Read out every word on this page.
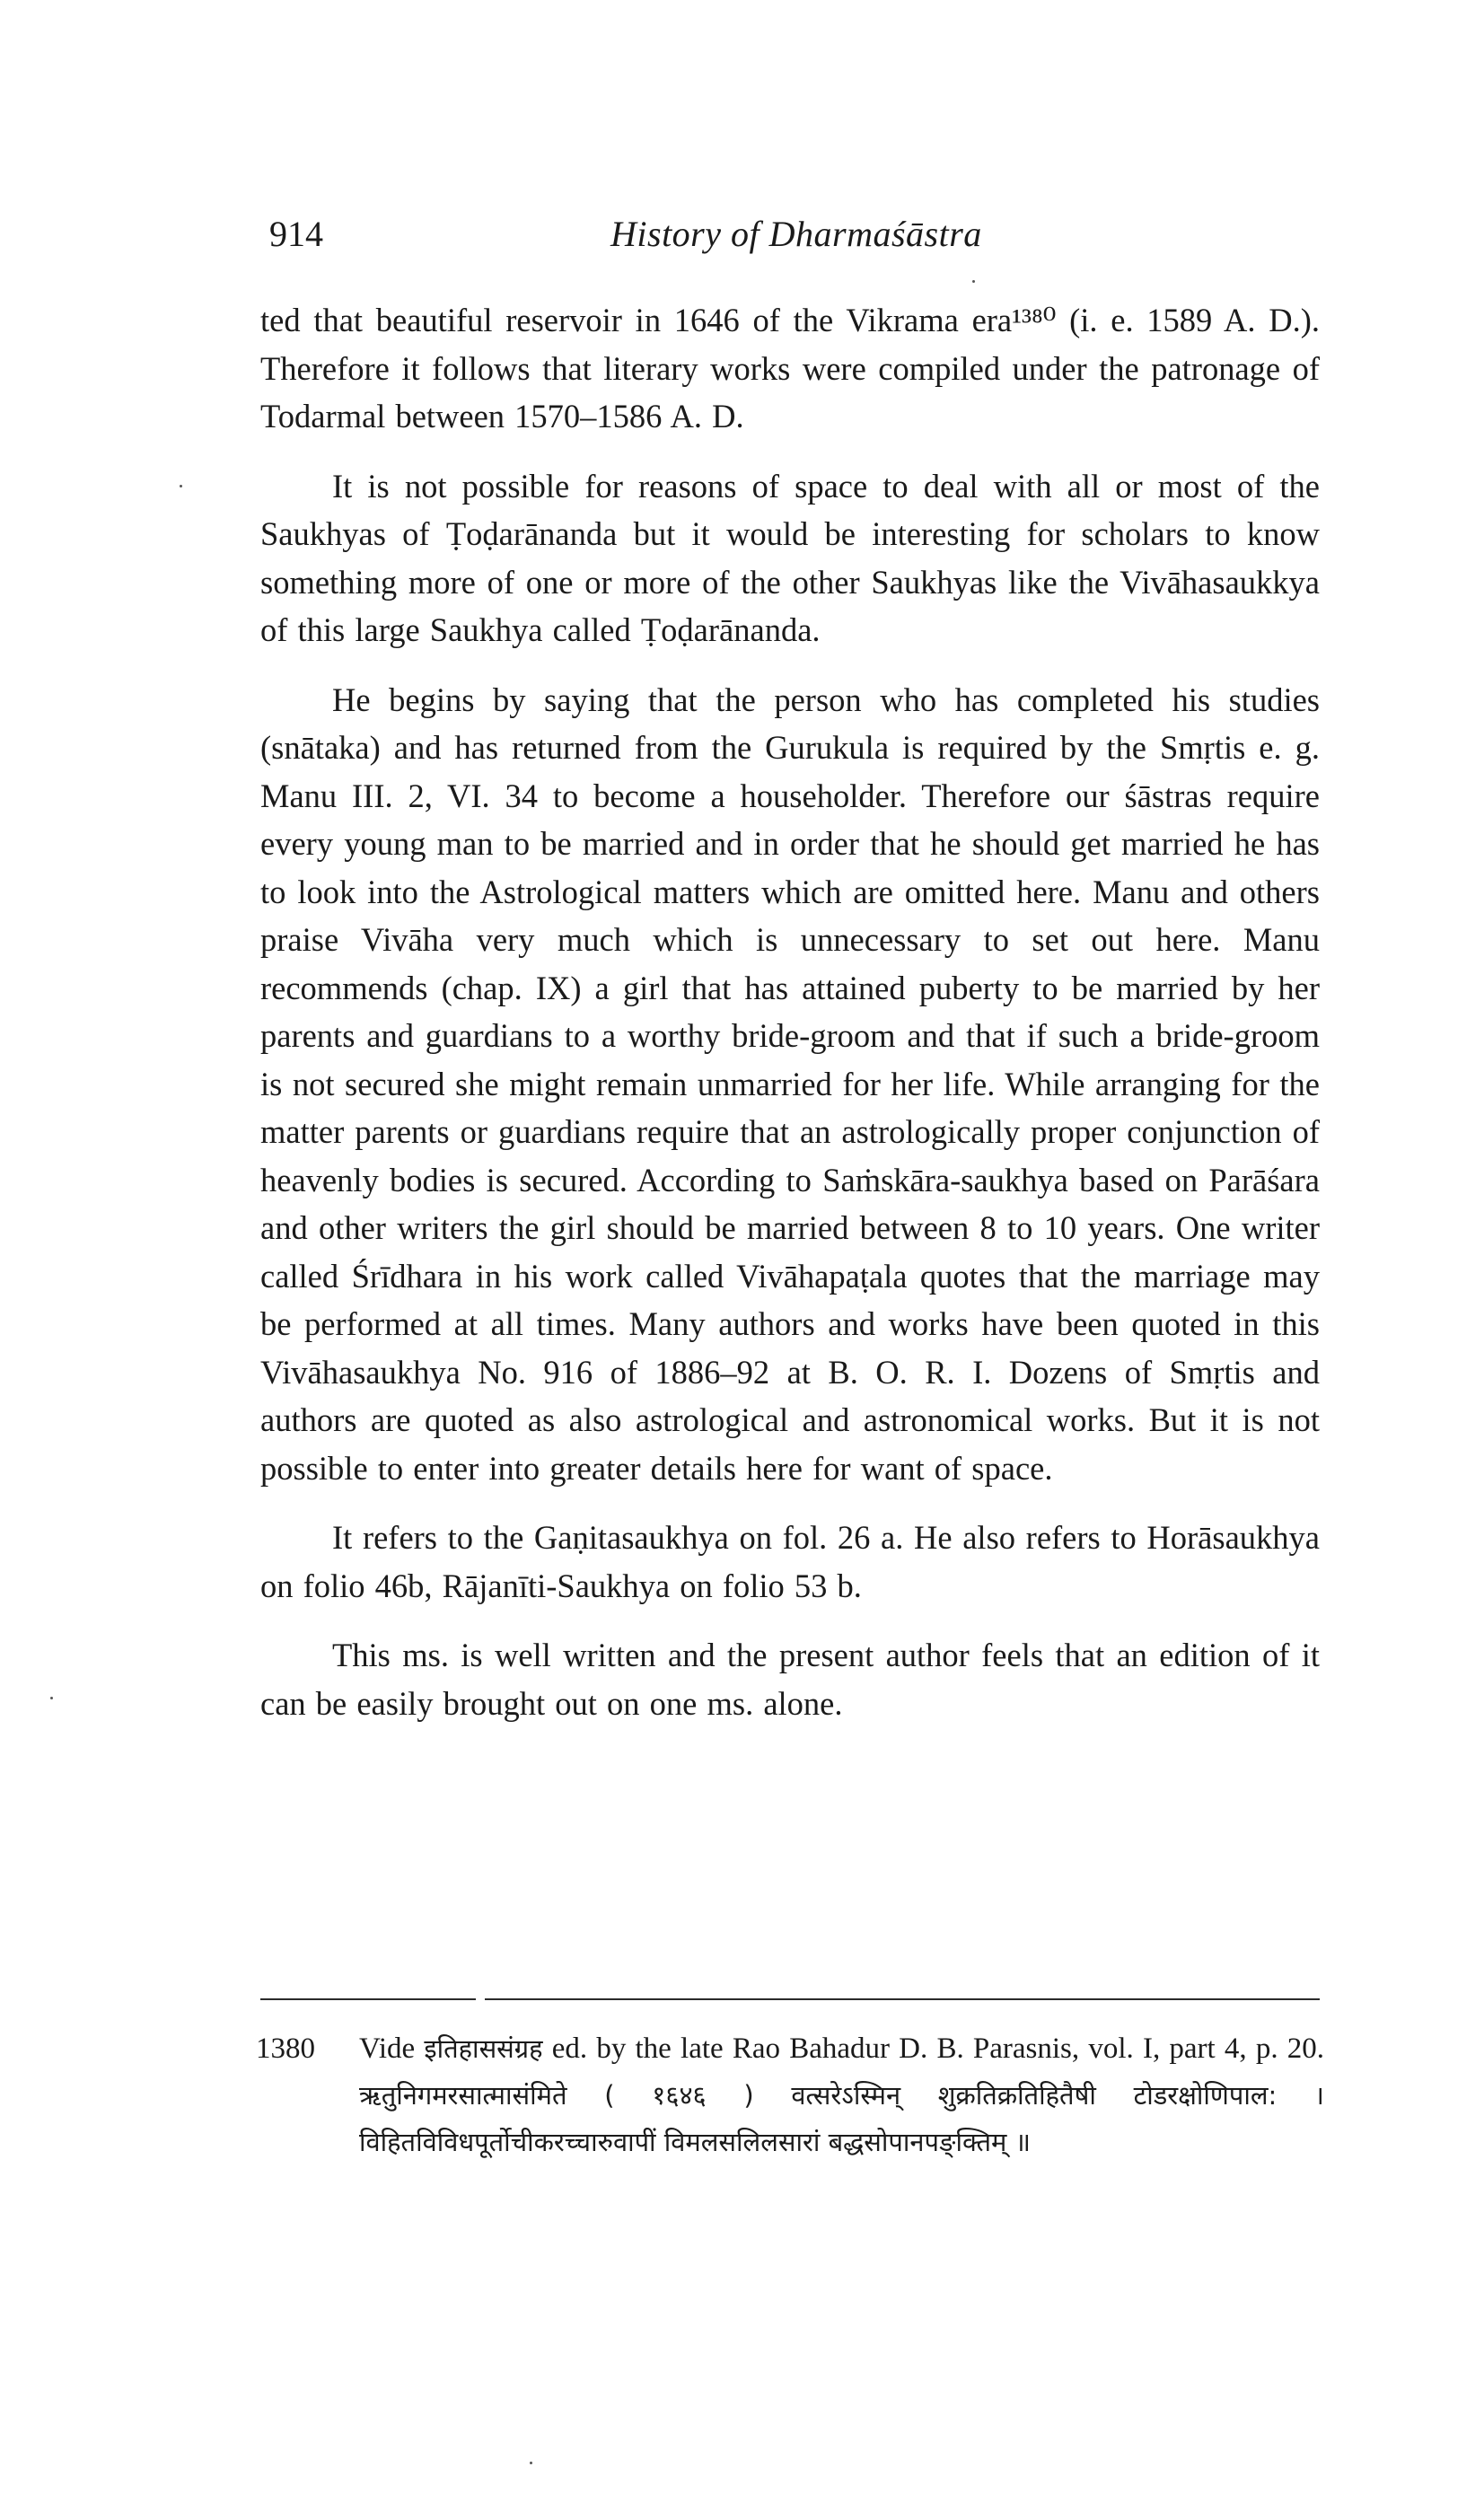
914	History of Dharmaśāstra

ted that beautiful reservoir in 1646 of the Vikrama era¹³⁸⁰ (i. e. 1589 A. D.). Therefore it follows that literary works were compiled under the patronage of Todarmal between 1570–1586 A. D.

It is not possible for reasons of space to deal with all or most of the Saukhyas of Ṭoḍarānanda but it would be interesting for scholars to know something more of one or more of the other Saukhyas like the Vivāhasaukkya of this large Saukhya called Ṭoḍarānanda.

He begins by saying that the person who has completed his studies (snātaka) and has returned from the Gurukula is required by the Smṛtis e. g. Manu III. 2, VI. 34 to become a householder. Therefore our śāstras require every young man to be married and in order that he should get married he has to look into the Astrological matters which are omitted here. Manu and others praise Vivāha very much which is unnecessary to set out here. Manu recommends (chap. IX) a girl that has attained puberty to be married by her parents and guardians to a worthy bride-groom and that if such a bride-groom is not secured she might remain unmarried for her life. While arranging for the matter parents or guardians require that an astrologically proper conjunction of heavenly bodies is secured. According to Saṁskāra-saukhya based on Parāśara and other writers the girl should be married between 8 to 10 years. One writer called Śrīdhara in his work called Vivāhapaṭala quotes that the marriage may be performed at all times. Many authors and works have been quoted in this Vivāhasaukhya No. 916 of 1886–92 at B. O. R. I. Dozens of Smṛtis and authors are quoted as also astrological and astronomical works. But it is not possible to enter into greater details here for want of space.

It refers to the Gaṇitasaukhya on fol. 26 a. He also refers to Horāsaukhya on folio 46b, Rājanīti-Saukhya on folio 53 b.

This ms. is well written and the present author feels that an edition of it can be easily brought out on one ms. alone.

1380 Vide इतिहाससंग्रह ed. by the late Rao Bahadur D. B. Parasnis, vol. I, part 4, p. 20. ऋतुनिगमरसात्मासंमिते ( १६४६ ) वत्सरेऽस्मिन् शुक्रतिक्रतिहितैषी टोडरक्षोणिपाल: । विहितविविधपूर्तोचीकरच्चारुवापीं विमलसलिलसारां बद्धसोपानपङ्क्तिम् ॥
